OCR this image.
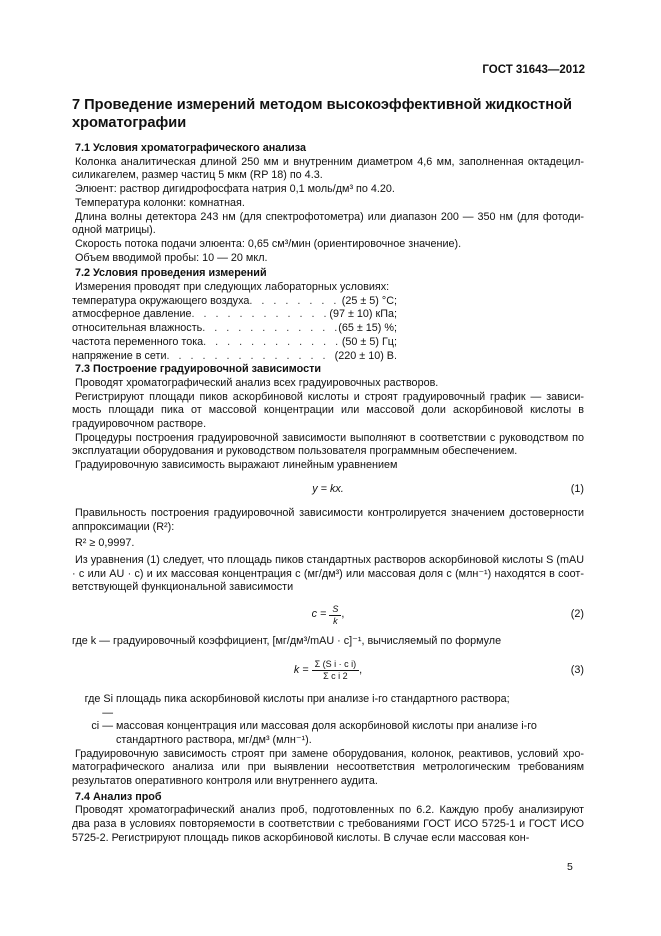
ГОСТ 31643—2012
7 Проведение измерений методом высокоэффективной жидкостной хроматографии
7.1 Условия хроматографического анализа

Колонка аналитическая длиной 250 мм и внутренним диаметром 4,6 мм, заполненная октадецилсиликагелем, размер частиц 5 мкм (RP 18) по 4.3.

Элюент: раствор дигидрофосфата натрия 0,1 моль/дм³ по 4.20.

Температура колонки: комнатная.

Длина волны детектора 243 нм (для спектрофотометра) или диапазон 200 — 350 нм (для фотодиодной матрицы).

Скорость потока подачи элюента: 0,65 см³/мин (ориентировочное значение).

Объем вводимой пробы: 10 — 20 мкл.

7.2 Условия проведения измерений

Измерения проводят при следующих лабораторных условиях:

температура окружающего воздуха . . .	(25 ± 5) °С;
атмосферное давление . . .	(97 ± 10) кПа;
относительная влажность . . .	(65 ± 15) %;
частота переменного тока . . .	(50 ± 5) Гц;
напряжение в сети . . .	(220 ± 10) В.
7.3 Построение градуировочной зависимости

Проводят хроматографический анализ всех градуировочных растворов.

Регистрируют площади пиков аскорбиновой кислоты и строят градуировочный график — зависимость площади пика от массовой концентрации или массовой доли аскорбиновой кислоты в градуировочном растворе.

Процедуры построения градуировочной зависимости выполняют в соответствии с руководством по эксплуатации оборудования и руководством пользователя программным обеспечением.

Градуировочную зависимость выражают линейным уравнением

y = kx.	(1)

Правильность построения градуировочной зависимости контролируется значением достоверности аппроксимации (R²):

R² ≥ 0,9997.

Из уравнения (1) следует, что площадь пиков стандартных растворов аскорбиновой кислоты S (mAU · c или AU · c) и их массовая концентрация c (мг/дм³) или массовая доля c (млн⁻¹) находятся в соответствующей функциональной зависимости

$c = \frac{S}{k}$ ,	(2)

где k — градуировочный коэффициент, [мг/дм³/mAU · c]⁻¹, вычисляемый по формуле

$k = \frac{\text{Σ (S i · c i)}}{\text{Σ c i 2}}$ ,	(3)
где Si —
площадь пика аскорбиновой кислоты при анализе i-го стандартного раствора;
ci — массовая концентрация или массовая доля аскорбиновой кислоты при анализе i-го стандартного раствора, мг/дм³ (млн⁻¹).

Градуировочную зависимость строят при замене оборудования, колонок, реактивов, условий хроматографического анализа или при выявлении несоответствия метрологическим требованиям результатов оперативного контроля или внутреннего аудита.

7.4 Анализ проб

Проводят хроматографический анализ проб, подготовленных по 6.2. Каждую пробу анализируют два раза в условиях повторяемости в соответствии с требованиями ГОСТ ИСО 5725-1 и ГОСТ ИСО 5725-2. Регистрируют площадь пиков аскорбиновой кислоты. В случае если массовая кон-

5
